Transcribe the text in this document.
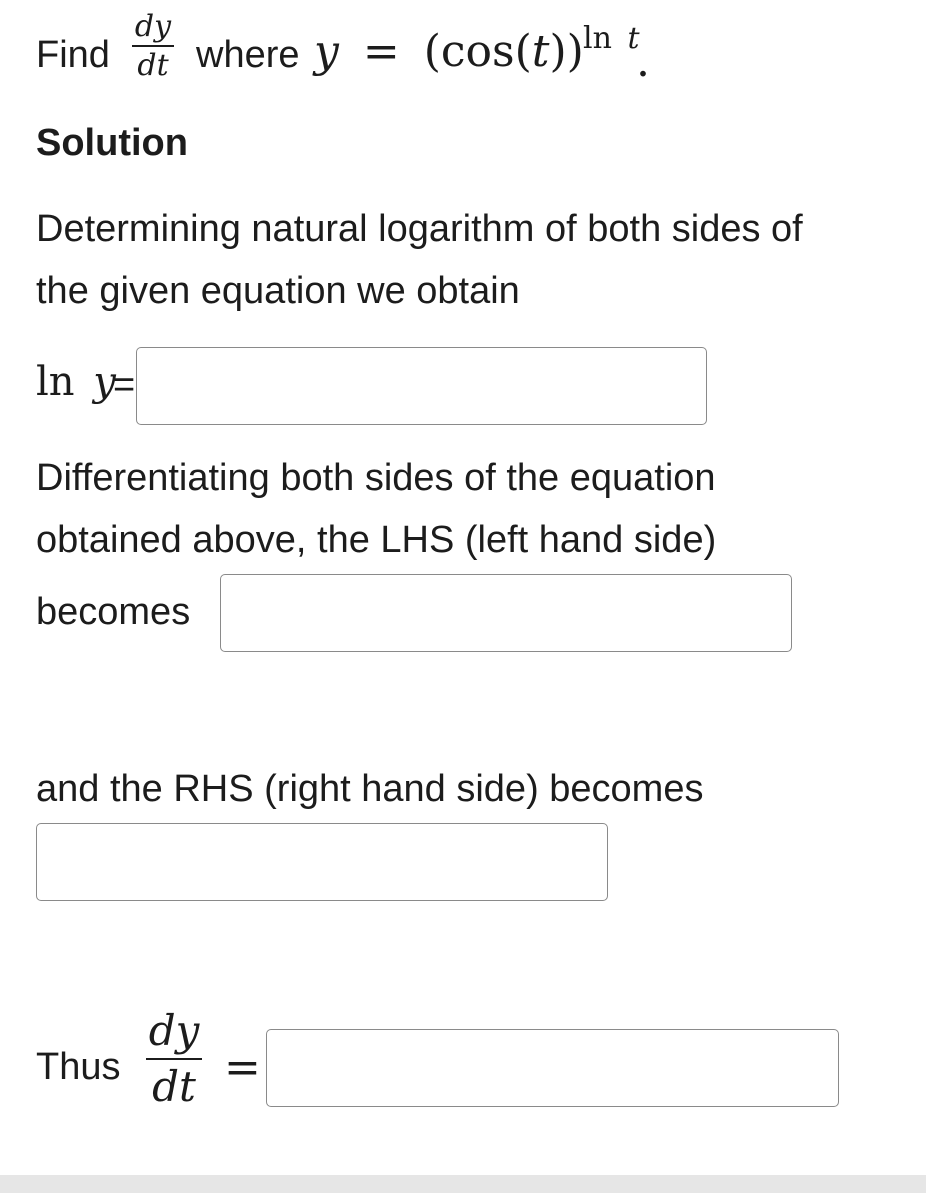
Find
dy
dt where y = (cos(t)) ln t
.
Solution
Determining natural logarithm of both sides of
the given equation we obtain
ln y
=
Differentiating both sides of the equation
obtained above, the LHS (left hand side)
becomes
and the RHS (right hand side) becomes
Thus
dy
dt =
